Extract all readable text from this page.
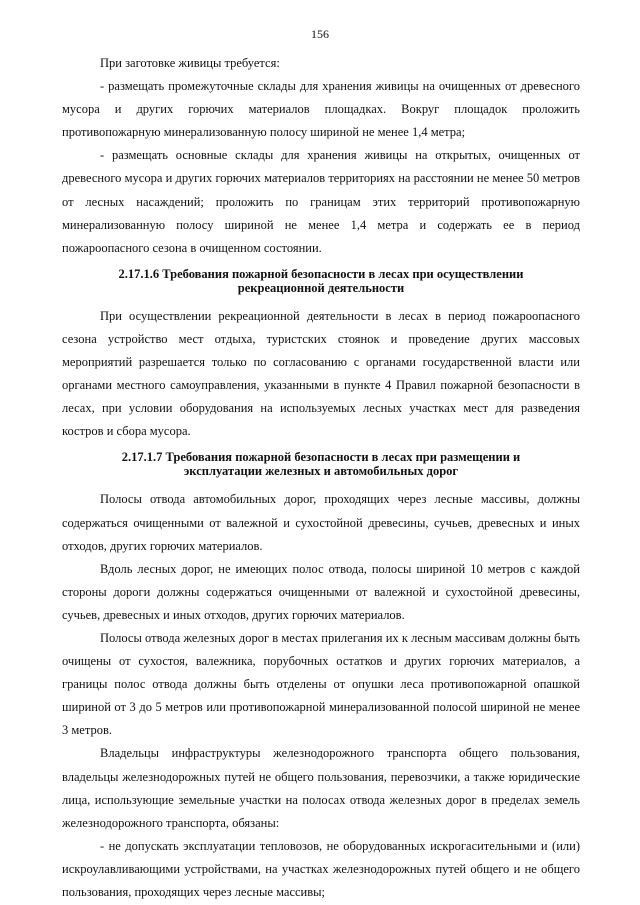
156

При заготовке живицы требуется:

- размещать промежуточные склады для хранения живицы на очищенных от древесного мусора и других горючих материалов площадках. Вокруг площадок проложить противопожарную минерализованную полосу шириной не менее 1,4 метра;

- размещать основные склады для хранения живицы на открытых, очищенных от древесного мусора и других горючих материалов территориях на расстоянии не менее 50 метров от лесных насаждений; проложить по границам этих территорий противопожарную минерализованную полосу шириной не менее 1,4 метра и содержать ее в период пожароопасного сезона в очищенном состоянии.

2.17.1.6 Требования пожарной безопасности в лесах при осуществлении рекреационной деятельности

При осуществлении рекреационной деятельности в лесах в период пожароопасного сезона устройство мест отдыха, туристских стоянок и проведение других массовых мероприятий разрешается только по согласованию с органами государственной власти или органами местного самоуправления, указанными в пункте 4 Правил пожарной безопасности в лесах, при условии оборудования на используемых лесных участках мест для разведения костров и сбора мусора.

2.17.1.7 Требования пожарной безопасности в лесах при размещении и эксплуатации железных и автомобильных дорог

Полосы отвода автомобильных дорог, проходящих через лесные массивы, должны содержаться очищенными от валежной и сухостойной древесины, сучьев, древесных и иных отходов, других горючих материалов.

Вдоль лесных дорог, не имеющих полос отвода, полосы шириной 10 метров с каждой стороны дороги должны содержаться очищенными от валежной и сухостойной древесины, сучьев, древесных и иных отходов, других горючих материалов.

Полосы отвода железных дорог в местах прилегания их к лесным массивам должны быть очищены от сухостоя, валежника, порубочных остатков и других горючих материалов, а границы полос отвода должны быть отделены от опушки леса противопожарной опашкой шириной от 3 до 5 метров или противопожарной минерализованной полосой шириной не менее 3 метров.

Владельцы инфраструктуры железнодорожного транспорта общего пользования, владельцы железнодорожных путей не общего пользования, перевозчики, а также юридические лица, использующие земельные участки на полосах отвода железных дорог в пределах земель железнодорожного транспорта, обязаны:

- не допускать эксплуатации тепловозов, не оборудованных искрогасительными и (или) искроулавливающими устройствами, на участках железнодорожных путей общего и не общего пользования, проходящих через лесные массивы;
